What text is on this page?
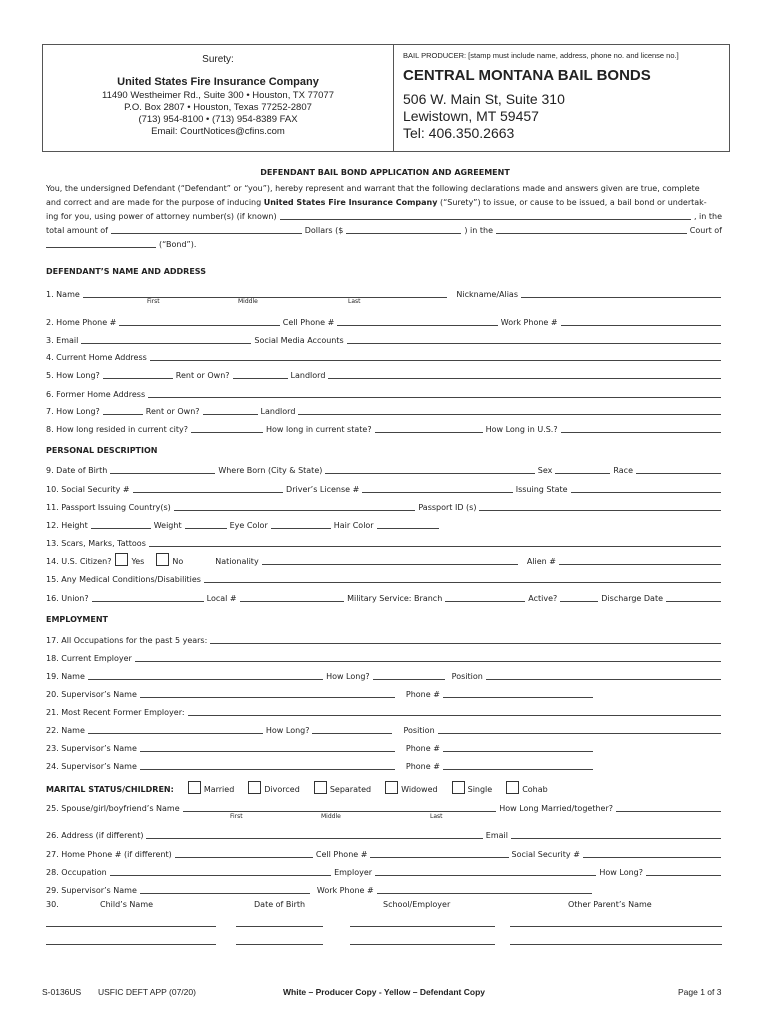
Surety:
United States Fire Insurance Company
11490 Westheimer Rd., Suite 300 • Houston, TX 77077
P.O. Box 2807 • Houston, Texas 77252-2807
(713) 954-8100 • (713) 954-8389 FAX
Email: CourtNotices@cfins.com
BAIL PRODUCER: [stamp must include name, address, phone no. and license no.]
CENTRAL MONTANA BAIL BONDS
506 W. Main St, Suite 310
Lewistown, MT 59457
Tel: 406.350.2663
DEFENDANT BAIL BOND APPLICATION AND AGREEMENT
You, the undersigned Defendant (“Defendant” or “you”), hereby represent and warrant that the following declarations made and answers given are true, complete
and correct and are made for the purpose of inducing United States Fire Insurance Company (“Surety”) to issue, or cause to be issued, a bail bond or undertak-
ing for you, using power of attorney number(s) (if known)	, in the
total amount of	Dollars ($	) in the	Court of
(“Bond”).
DEFENDANT’S NAME AND ADDRESS
1. Name	Nickname/Alias
First	Middle	Last
2. Home Phone #	Cell Phone #	Work Phone #
3. Email	Social Media Accounts
4. Current Home Address
5. How Long?	Rent or Own?	Landlord
6. Former Home Address
7. How Long?	Rent or Own?	Landlord
8. How long resided in current city?	How long in current state?	How Long in U.S.?
PERSONAL DESCRIPTION
9. Date of Birth	Where Born (City & State)	Sex	Race
10. Social Security #	Driver’s License #	Issuing State
11. Passport Issuing Country(s)	Passport ID (s)
12. Height	Weight	Eye Color	Hair Color
13. Scars, Marks, Tattoos
14. U.S. Citizen?	Yes	No	Nationality	Alien #
15. Any Medical Conditions/Disabilities
16. Union?	Local #	Military Service: Branch	Active?	Discharge Date
EMPLOYMENT
17. All Occupations for the past 5 years:
18. Current Employer
19. Name	How Long?	Position
20. Supervisor’s Name	Phone #
21. Most Recent Former Employer:
22. Name	How Long?	Position
23. Supervisor’s Name	Phone #
24. Supervisor’s Name	Phone #
MARITAL STATUS/CHILDREN:	Married	Divorced	Separated	Widowed	Single	Cohab
25. Spouse/girl/boyfriend’s Name	How Long Married/together?
First	Middle	Last
26. Address (if different)	Email
27. Home Phone # (if different)	Cell Phone #	Social Security #
28. Occupation	Employer	How Long?
29. Supervisor’s Name	Work Phone #
30.	Child’s Name	Date of Birth	School/Employer	Other Parent’s Name
S-0136US USFIC DEFT APP (07/20)	White – Producer Copy - Yellow – Defendant Copy	Page 1 of 3
